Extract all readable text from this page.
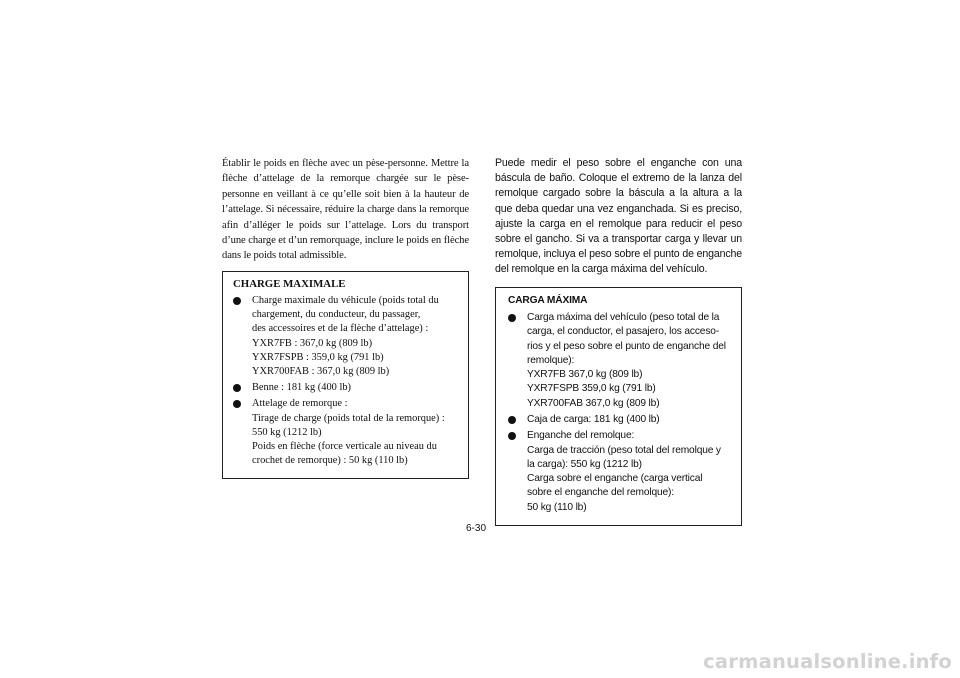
Établir le poids en flèche avec un pèse-personne. Mettre la flèche d’attelage de la remorque chargée sur le pèse-personne en veillant à ce qu’elle soit bien à la hauteur de l’attelage. Si nécessaire, réduire la charge dans la remorque afin d’alléger le poids sur l’attelage. Lors du transport d’une charge et d’un remorquage, inclure le poids en flèche dans le poids total admissible.

CHARGE MAXIMALE
Charge maximale du véhicule (poids total du
chargement, du conducteur, du passager,
des accessoires et de la flèche d’attelage) :
YXR7FB : 367,0 kg (809 lb)
YXR7FSPB : 359,0 kg (791 lb)
YXR700FAB : 367,0 kg (809 lb)
Benne : 181 kg (400 lb)
Attelage de remorque :
Tirage de charge (poids total de la remorque) :
550 kg (1212 lb)
Poids en flèche (force verticale au niveau du
crochet de remorque) : 50 kg (110 lb)

Puede medir el peso sobre el enganche con una báscula de baño. Coloque el extremo de la lanza del remolque cargado sobre la báscula a la altura a la que deba quedar una vez enganchada. Si es preciso, ajuste la carga en el remolque para reducir el peso sobre el gancho. Si va a transportar carga y llevar un remolque, incluya el peso sobre el punto de enganche del remolque en la carga máxima del vehículo.

CARGA MÁXIMA
Carga máxima del vehículo (peso total de la
carga, el conductor, el pasajero, los acceso-
rios y el peso sobre el punto de enganche del
remolque):
YXR7FB 367,0 kg (809 lb)
YXR7FSPB 359,0 kg (791 lb)
YXR700FAB 367,0 kg (809 lb)
Caja de carga: 181 kg (400 lb)
Enganche del remolque:
Carga de tracción (peso total del remolque y
la carga): 550 kg (1212 lb)
Carga sobre el enganche (carga vertical
sobre el enganche del remolque):
50 kg (110 lb)
6-30
carmanualsonline.info
